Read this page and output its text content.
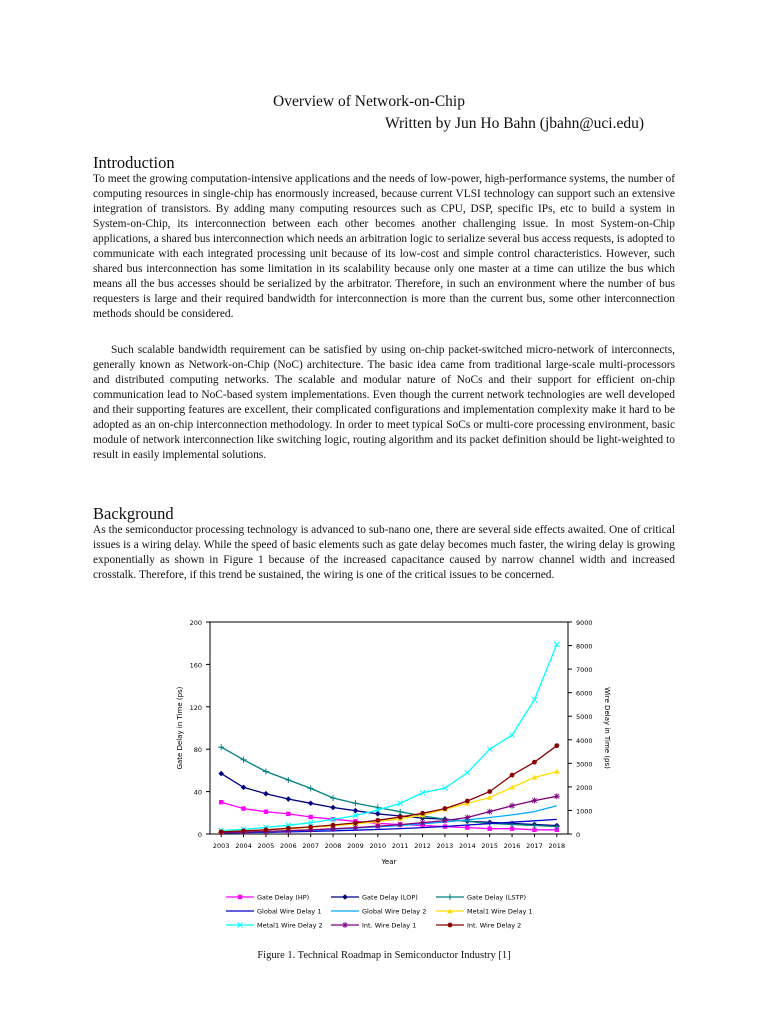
Overview of Network-on-Chip
Written by Jun Ho Bahn (jbahn@uci.edu)
Introduction

To meet the growing computation-intensive applications and the needs of low-power, high-performance systems, the number of computing resources in single-chip has enormously increased, because current VLSI technology can support such an extensive integration of transistors. By adding many computing resources such as CPU, DSP, specific IPs, etc to build a system in System-on-Chip, its interconnection between each other becomes another challenging issue. In most System-on-Chip applications, a shared bus interconnection which needs an arbitration logic to serialize several bus access requests, is adopted to communicate with each integrated processing unit because of its low-cost and simple control characteristics. However, such shared bus interconnection has some limitation in its scalability because only one master at a time can utilize the bus which means all the bus accesses should be serialized by the arbitrator. Therefore, in such an environment where the number of bus requesters is large and their required bandwidth for interconnection is more than the current bus, some other interconnection methods should be considered.

Such scalable bandwidth requirement can be satisfied by using on-chip packet-switched micro-network of interconnects, generally known as Network-on-Chip (NoC) architecture. The basic idea came from traditional large-scale multi-processors and distributed computing networks. The scalable and modular nature of NoCs and their support for efficient on-chip communication lead to NoC-based system implementations. Even though the current network technologies are well developed and their supporting features are excellent, their complicated configurations and implementation complexity make it hard to be adopted as an on-chip interconnection methodology. In order to meet typical SoCs or multi-core processing environment, basic module of network interconnection like switching logic, routing algorithm and its packet definition should be light-weighted to result in easily implemental solutions.

Background

As the semiconductor processing technology is advanced to sub-nano one, there are several side effects awaited. One of critical issues is a wiring delay. While the speed of basic elements such as gate delay becomes much faster, the wiring delay is growing exponentially as shown in Figure 1 because of the increased capacitance caused by narrow channel width and increased crosstalk. Therefore, if this trend be sustained, the wiring is one of the critical issues to be concerned.

0
40
80
120
160
200
0
1000
2000
3000
4000
5000
6000
7000
8000
9000
2003 2004 2005 2006 2007 2008 2009 2010 2011 2012 2013 2014 2015 2016 2017 2018
Year
Gate Delay in Time (ps)	Wire Delay in Time (ps)
Gate Delay (HP)	Gate Delay (LOP)	Gate Delay (LSTP)
Global Wire Delay 1	Global Wire Delay 2	Metal1 Wire Delay 1
Metal1 Wire Delay 2	Int. Wire Delay 1	Int. Wire Delay 2
Figure 1. Technical Roadmap in Semiconductor Industry [1]
